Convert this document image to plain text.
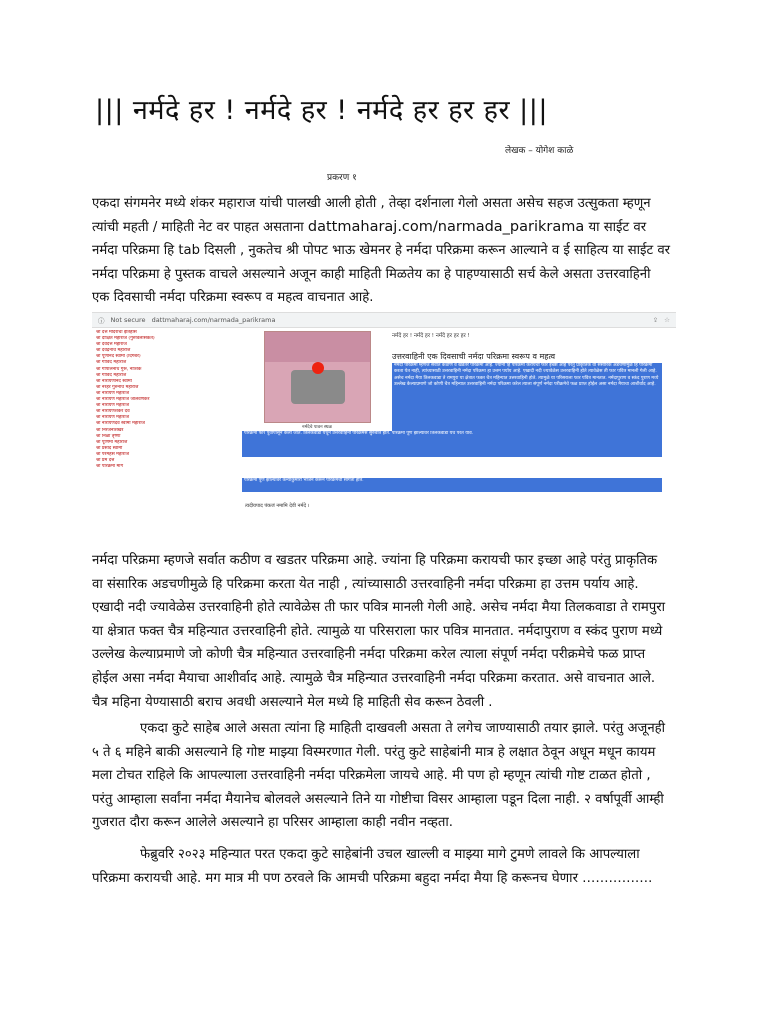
||| नर्मदे हर ! नर्मदे हर ! नर्मदे हर हर हर |||
लेखक – योगेश काळे
प्रकरण १

एकदा संगमनेर मध्ये शंकर महाराज यांची पालखी आली होती , तेव्हा दर्शनाला गेलो असता असेच सहज उत्सुकता म्हणून त्यांची महती / माहिती नेट वर पाहत असताना dattmaharaj.com/narmada_parikrama या साईट वर नर्मदा परिक्रमा हि tab दिसली , नुकतेच श्री पोपट भाऊ खेमनर हे नर्मदा परिक्रमा करून आल्याने व ई साहित्य या साईट वर नर्मदा परिक्रमा हे पुस्तक वाचले असल्याने अजून काही माहिती मिळतेय का हे पाहण्यासाठी सर्च केले असता उत्तरवाहिनी एक दिवसाची नर्मदा परिक्रमा स्वरूप व महत्व वाचनात आहे.

ⓘ Not secure dattmaharaj.com/narmada_parikrama	⇪ ☆
श्री दत्त मंदिराचा इतिहास
श्री दीक्षित महाराज (गुरुविलासकर्ते)
श्री देवदत्त महाराज
श्री देवेंद्रनाथ महाराज
श्री पूर्णानंद स्वामी (दिगंबर)
श्री गोविंद महाराज
श्री गोपालनाथ गुरू, नाशिक
श्री गोविंद महाराज
श्री नारायणानंद स्वामी
श्री नरहर गुरुनाथ महाराज
श्री नारायण महाराज
श्री नारायण महाराज जालवणकर
श्री नारायण महाराज
श्री नारायणशंकर देव
श्री नारायण महाराज
श्री नारायणदेव स्वामी महाराज
श्री निरंजनशिखर
श्री निळा तृष्णा
श्री पूर्णिमा महाराज
श्री प्रसाद स्वामी
श्री परमहंस महाराज
श्री प्रेम दत्त
श्री परिक्रमा मार्ग
नर्मदेचे पावन स्थळ
नर्मदे हर ! नर्मदे हर ! नर्मदे हर हर हर !
उत्तरवाहिनी एक दिवसाची नर्मदा परिक्रमा स्वरूप व महत्व
नर्मदा परिक्रमा म्हणजे सर्वात कठीण व खडतर परिक्रमा आहे. ज्यांना हि परिक्रमा करायची फार इच्छा आहे परंतु प्राकृतिक वा संसारिक अडचणीमुळे हि परिक्रमा करता येत नाही, त्यांच्यासाठी उत्तरवाहिनी नर्मदा परिक्रमा हा उत्तम पर्याय आहे. एखादी नदी ज्यावेळेस उत्तरवाहिनी होते त्यावेळेस ती फार पवित्र मानली गेली आहे. असेच नर्मदा मैया तिलकवाडा ते रामपुरा या क्षेत्रात फक्त चैत्र महिन्यात उत्तरवाहिनी होते. त्यामुळे या परिसराला फार पवित्र मानतात. नर्मदापुराण व स्कंद पुराण मध्ये उल्लेख केल्याप्रमाणे जो कोणी चैत्र महिन्यात उत्तरवाहिनी नर्मदा परिक्रमा करेल त्याला संपूर्ण नर्मदा परीक्रमेचे फळ प्राप्त होईल असा नर्मदा मैयाचा आशीर्वाद आहे.
परिक्रमा फार पूर्वीपासून केली जाते. तिलकवाडा येथून उत्तरवाहिनी परिक्रमेस सुरुवात होते. परिक्रमा पूर्ण झाल्यावर तिलकवाडा येथे परत यावे.
परिक्रमा पूर्ण झाल्यावर कन्याकुमारी भोजन करून परिक्रमेची सांगता होते.
त्वदीयपाद पंकजं नमामि देवी नर्मदे ।

नर्मदा परिक्रमा म्हणजे सर्वात कठीण व खडतर परिक्रमा आहे. ज्यांना हि परिक्रमा करायची फार इच्छा आहे परंतु प्राकृतिक वा संसारिक अडचणीमुळे हि परिक्रमा करता येत नाही , त्यांच्यासाठी उत्तरवाहिनी नर्मदा परिक्रमा हा उत्तम पर्याय आहे. एखादी नदी ज्यावेळेस उत्तरवाहिनी होते त्यावेळेस ती फार पवित्र मानली गेली आहे. असेच नर्मदा मैया तिलकवाडा ते रामपुरा या क्षेत्रात फक्त चैत्र महिन्यात उत्तरवाहिनी होते. त्यामुळे या परिसराला फार पवित्र मानतात. नर्मदापुराण व स्कंद पुराण मध्ये उल्लेख केल्याप्रमाणे जो कोणी चैत्र महिन्यात उत्तरवाहिनी नर्मदा परिक्रमा करेल त्याला संपूर्ण नर्मदा परीक्रमेचे फळ प्राप्त होईल असा नर्मदा मैयाचा आशीर्वाद आहे. त्यामुळे चैत्र महिन्यात उत्तरवाहिनी नर्मदा परिक्रमा करतात. असे वाचनात आले. चैत्र महिना येण्यासाठी बराच अवधी असल्याने मेल मध्ये हि माहिती सेव करून ठेवली .

एकदा कुटे साहेब आले असता त्यांना हि माहिती दाखवली असता ते लगेच जाण्यासाठी तयार झाले. परंतु अजूनही ५ ते ६ महिने बाकी असल्याने हि गोष्ट माझ्या विस्मरणात गेली. परंतु कुटे साहेबांनी मात्र हे लक्षात ठेवून अधून मधून कायम मला टोचत राहिले कि आपल्याला उत्तरवाहिनी नर्मदा परिक्रमेला जायचे आहे. मी पण हो म्हणून त्यांची गोष्ट टाळत होतो , परंतु आम्हाला सर्वांना नर्मदा मैयानेच बोलवले असल्याने तिने या गोष्टीचा विसर आम्हाला पडून दिला नाही. २ वर्षापूर्वी आम्ही गुजरात दौरा करून आलेले असल्याने हा परिसर आम्हाला काही नवीन नव्हता.

फेब्रुवरि २०२३ महिन्यात परत एकदा कुटे साहेबांनी उचल खाल्ली व माझ्या मागे टुमणे लावले कि आपल्याला परिक्रमा करायची आहे. मग मात्र मी पण ठरवले कि आमची परिक्रमा बहुदा नर्मदा मैया हि करूनच घेणार …………….
